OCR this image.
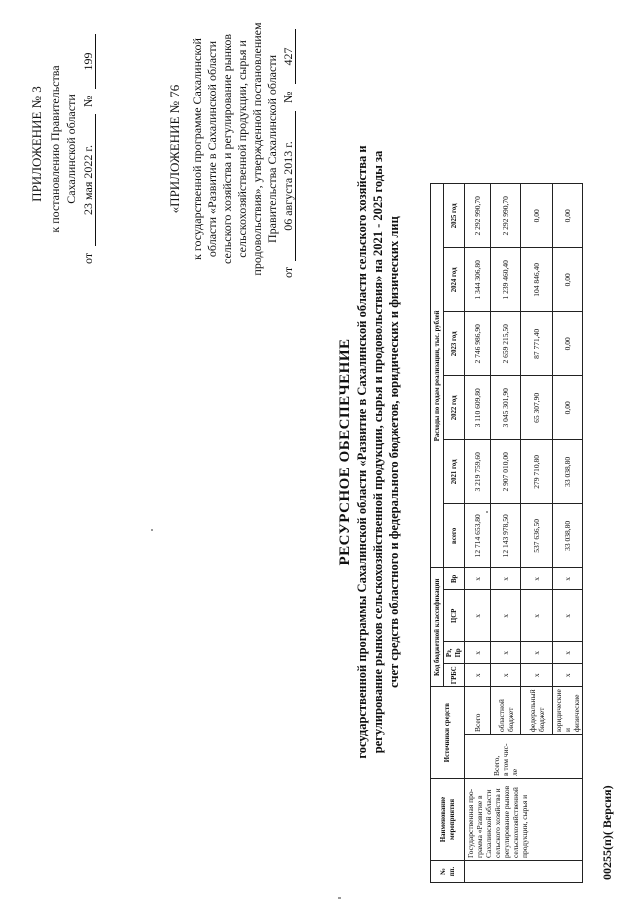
ПРИЛОЖЕНИЕ № 3 к постановлению Правительства Сахалинской области
от
23 мая 2022 г.
№
199
«ПРИЛОЖЕНИЕ № 76 к государственной программе Сахалинской области «Развитие в Сахалинской области сельского хозяйства и регулирование рынков сельскохозяйственной продукции, сырья и продовольствия», утвержденной постановлением Правительства Сахалинской области
от
06 августа 2013 г.
№
427
РЕСУРСНОЕ ОБЕСПЕЧЕНИЕ государственной программы Сахалинской области «Развитие в Сахалинской области сельского хозяйства и регулирование рынков сельскохозяйственной продукции, сырья и продовольствия» на 2021 - 2025 годы за счет средств областного и федерального бюджетов, юридических и физических лиц
№ пп.	Наименование мероприятия	Источники средств		Код бюджетной классификации				Расходы по годам реализации, тыс. рублей					
				ГРБС	Рз, Пр	ЦСР	Вр	всего	2021 год	2022 год	2023 год	2024 год	2025 год
	Государственная про-грамма «Развитие в Сахалинской области сельского хозяйства и регулирование рынков сельскохозяйственной продукции, сырья и	Всего, в том чис-ле	Всего	х	х	х	х	12 714 653,80	3 219 759,60	3 110 609,80	2 746 986,90	1 344 306,80	2 292 990,70
			областной бюджет	х	х	х	х	12 143 978,50	2 907 010,00	3 045 301,90	2 659 215,50	1 239 460,40	2 292 990,70
			федеральный бюджет	х	х	х	х	537 636,50	279 710,80	65 307,90	87 771,40	104 846,40	0,00
			юридические и физические	х	х	х	х	33 038,80	33 038,80	0,00	0,00	0,00	0,00
00255(п)( Версия)
